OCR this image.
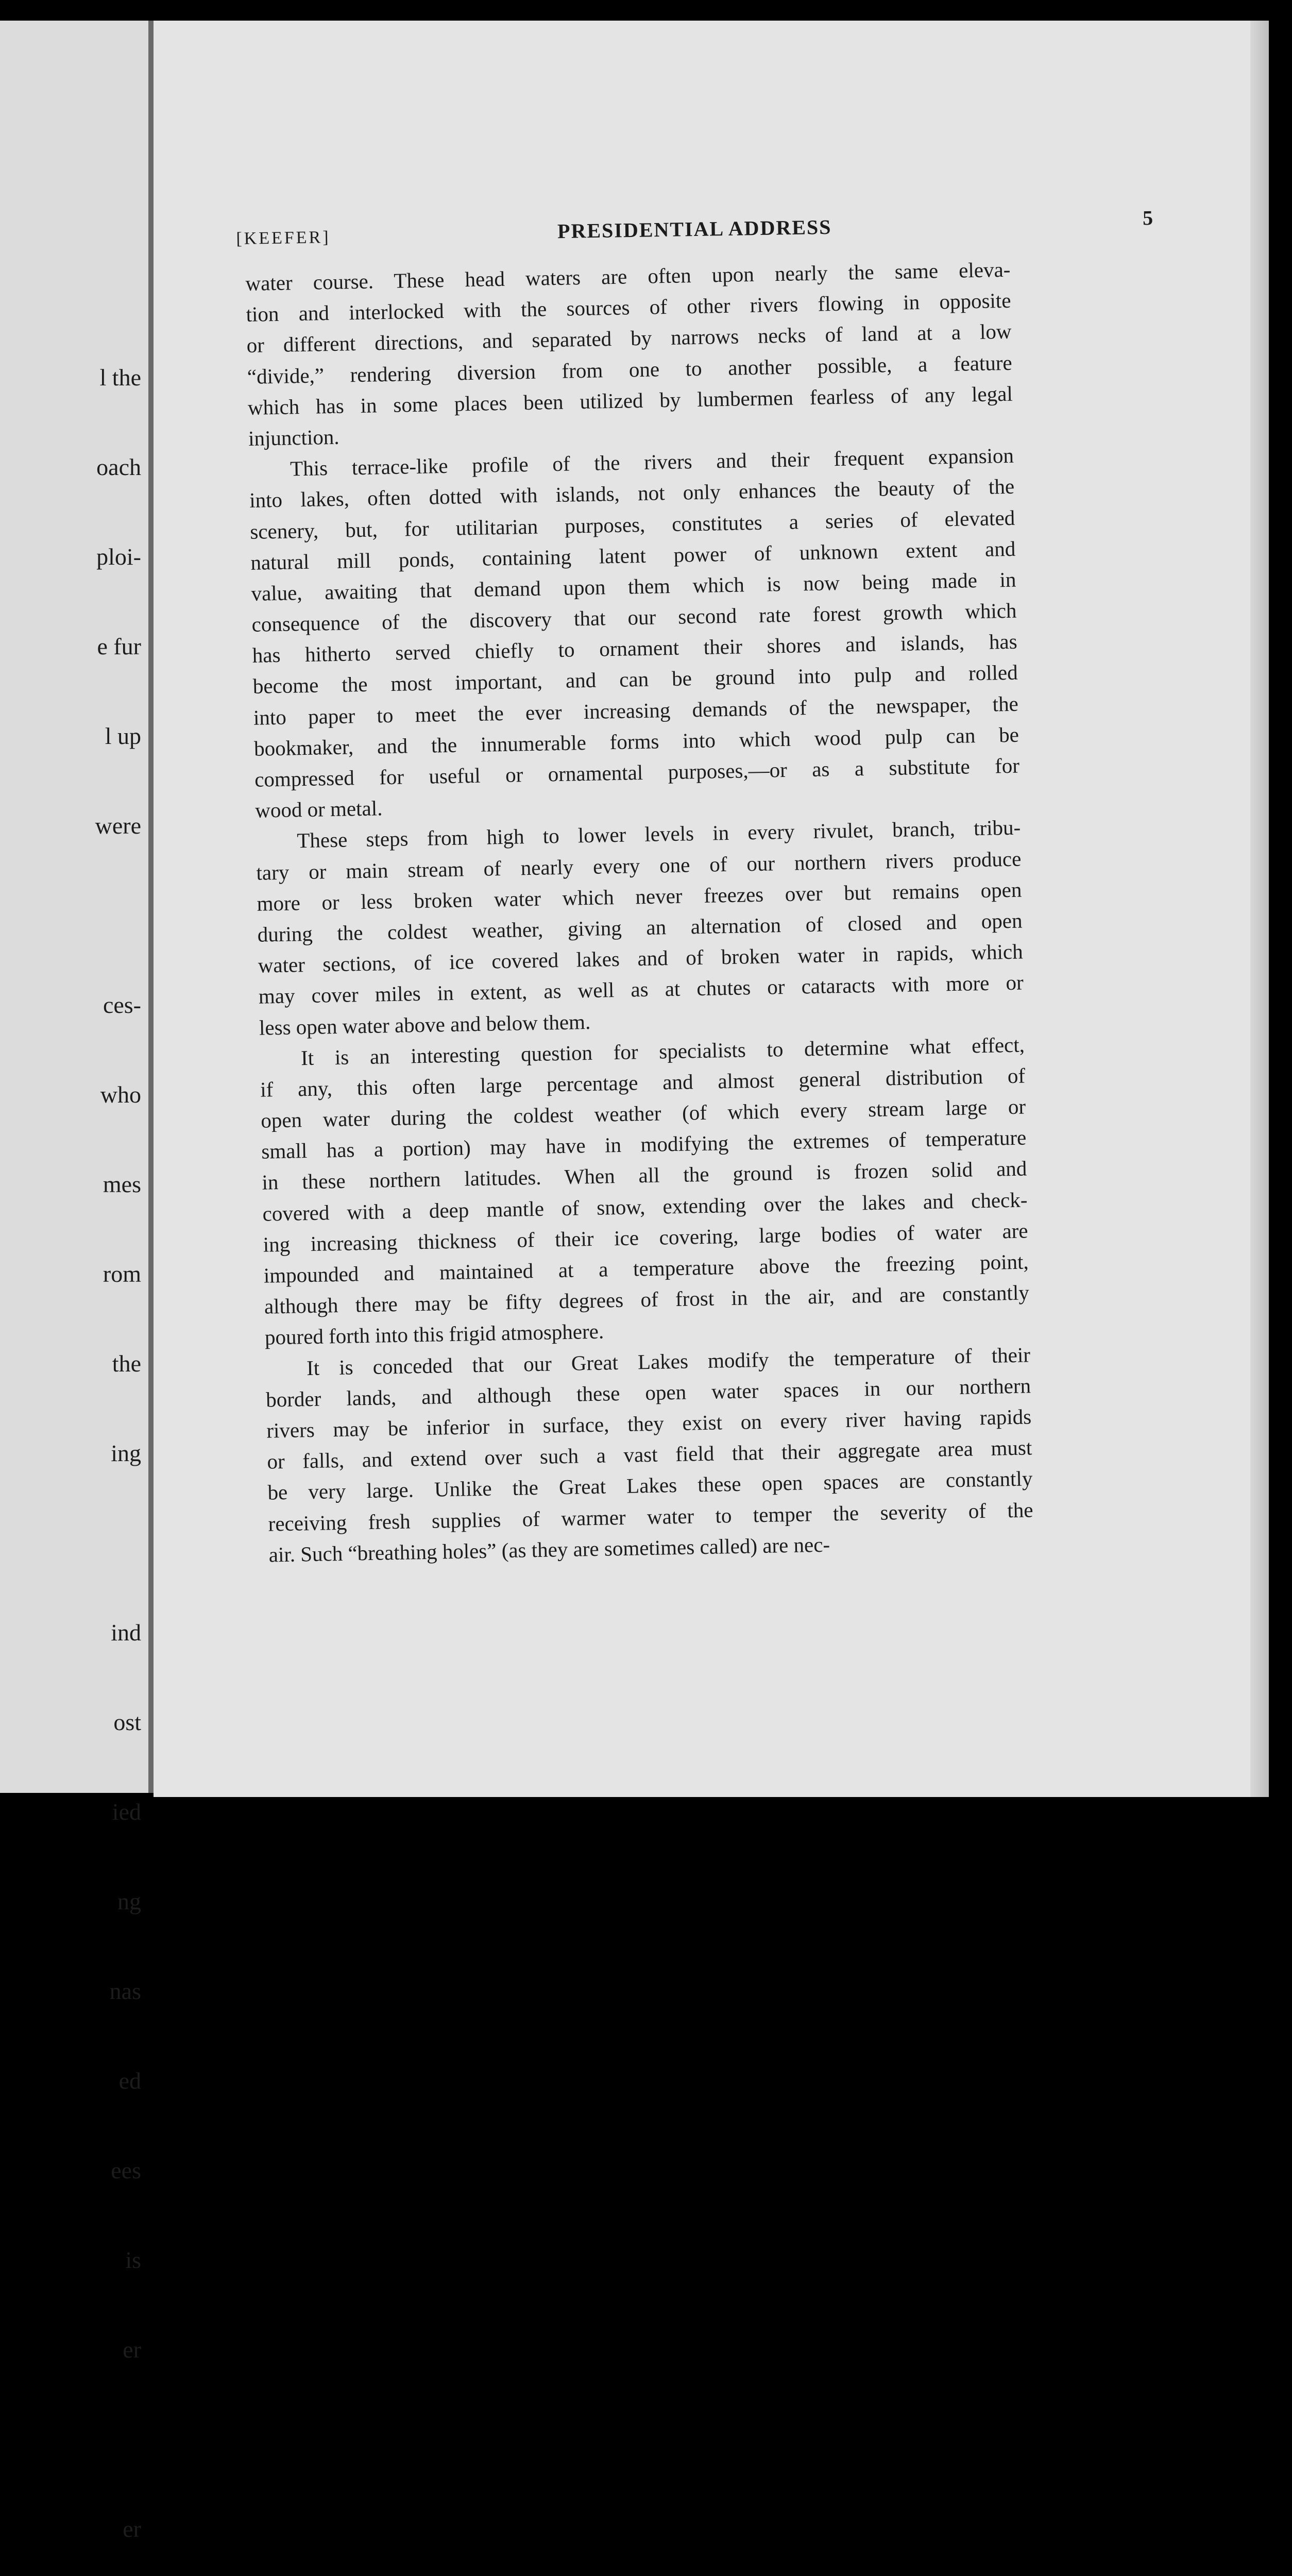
l the

oach

ploi-

e fur

l up

were

ces-

who

mes

rom

the

ing

ind

ost

ied

ng

nas

ed

ees

is

er

er

[KEEFER]	PRESIDENTIAL ADDRESS	5
water course. These head waters are often upon nearly the same eleva-
tion and interlocked with the sources of other rivers flowing in opposite
or different directions, and separated by narrows necks of land at a low
“divide,” rendering diversion from one to another possible, a feature
which has in some places been utilized by lumbermen fearless of any legal
injunction.
This terrace-like profile of the rivers and their frequent expansion
into lakes, often dotted with islands, not only enhances the beauty of the
scenery, but, for utilitarian purposes, constitutes a series of elevated
natural mill ponds, containing latent power of unknown extent and
value, awaiting that demand upon them which is now being made in
consequence of the discovery that our second rate forest growth which
has hitherto served chiefly to ornament their shores and islands, has
become the most important, and can be ground into pulp and rolled
into paper to meet the ever increasing demands of the newspaper, the
bookmaker, and the innumerable forms into which wood pulp can be
compressed for useful or ornamental purposes,—or as a substitute for
wood or metal.
These steps from high to lower levels in every rivulet, branch, tribu-
tary or main stream of nearly every one of our northern rivers produce
more or less broken water which never freezes over but remains open
during the coldest weather, giving an alternation of closed and open
water sections, of ice covered lakes and of broken water in rapids, which
may cover miles in extent, as well as at chutes or cataracts with more or
less open water above and below them.
It is an interesting question for specialists to determine what effect,
if any, this often large percentage and almost general distribution of
open water during the coldest weather (of which every stream large or
small has a portion) may have in modifying the extremes of temperature
in these northern latitudes. When all the ground is frozen solid and
covered with a deep mantle of snow, extending over the lakes and check-
ing increasing thickness of their ice covering, large bodies of water are
impounded and maintained at a temperature above the freezing point,
although there may be fifty degrees of frost in the air, and are constantly
poured forth into this frigid atmosphere.
It is conceded that our Great Lakes modify the temperature of their
border lands, and although these open water spaces in our northern
rivers may be inferior in surface, they exist on every river having rapids
or falls, and extend over such a vast field that their aggregate area must
be very large. Unlike the Great Lakes these open spaces are constantly
receiving fresh supplies of warmer water to temper the severity of the
air. Such “breathing holes” (as they are sometimes called) are nec-
